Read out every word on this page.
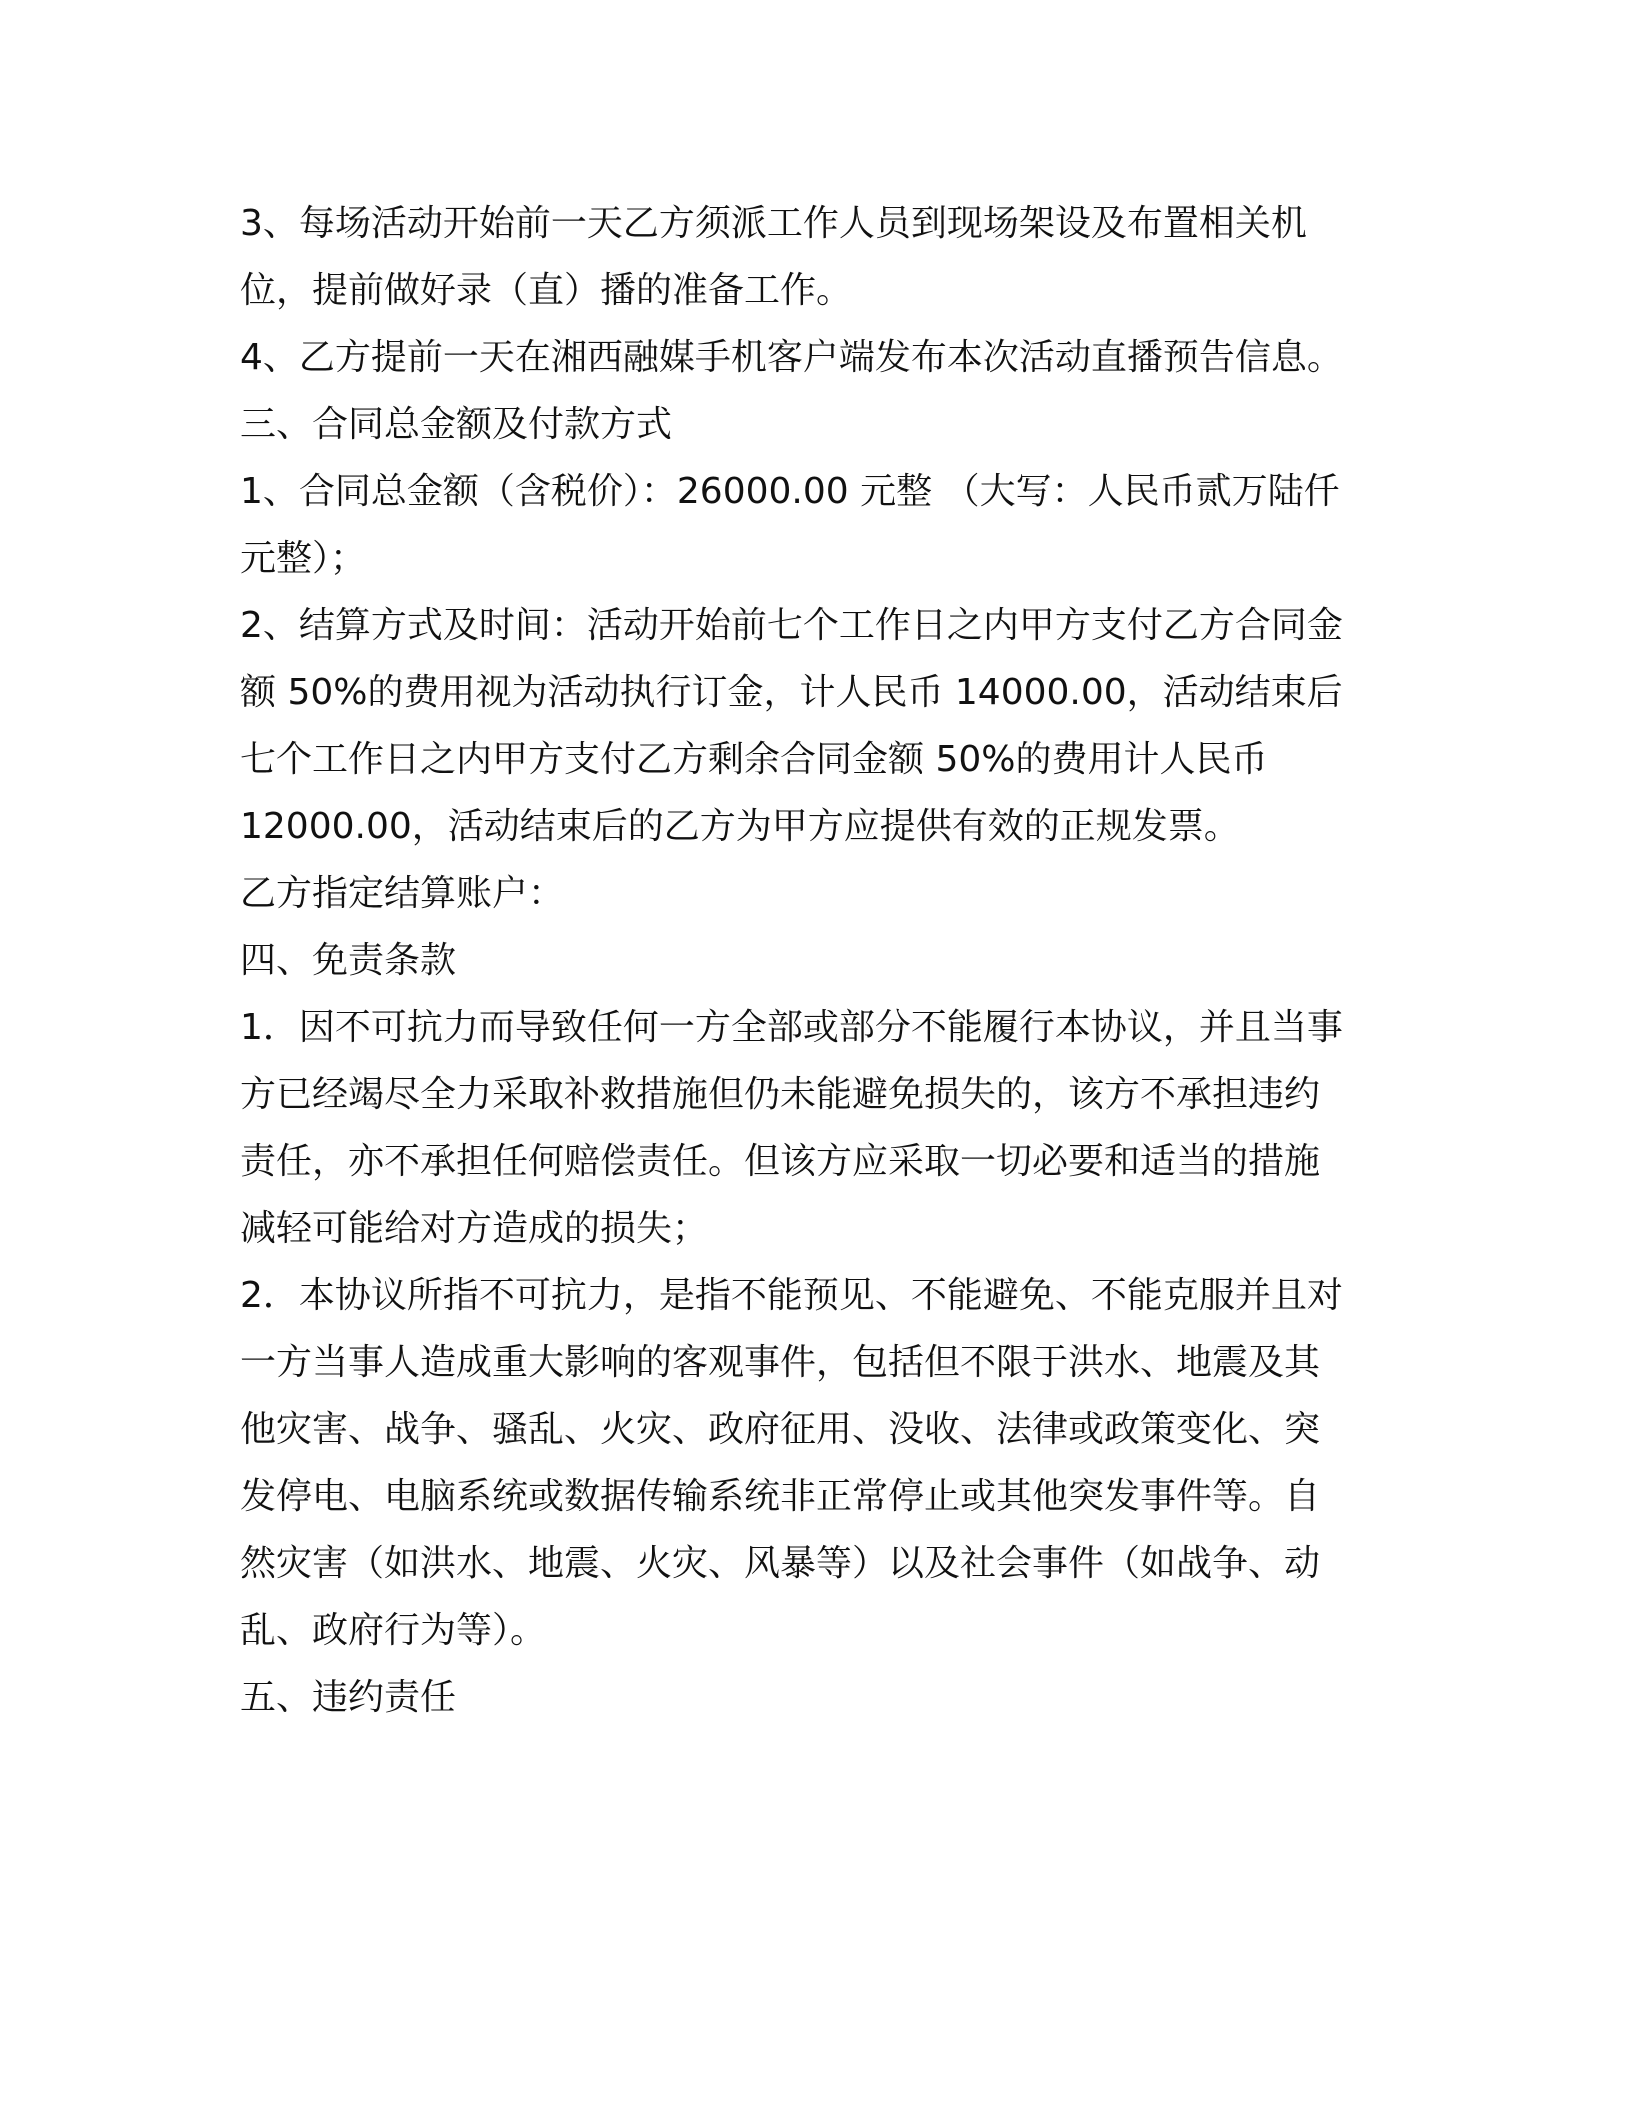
3、每场活动开始前一天乙方须派工作人员到现场架设及布置相关机
位，提前做好录（直）播的准备工作。
4、乙方提前一天在湘西融媒手机客户端发布本次活动直播预告信息。
三、合同总金额及付款方式
1、合同总金额（含税价）：26000.00 元整 （大写：人民币贰万陆仟
元整）；
2、结算方式及时间：活动开始前七个工作日之内甲方支付乙方合同金
额 50%的费用视为活动执行订金，计人民币 14000.00，活动结束后
七个工作日之内甲方支付乙方剩余合同金额 50%的费用计人民币
12000.00，活动结束后的乙方为甲方应提供有效的正规发票。
乙方指定结算账户：
四、免责条款
1．因不可抗力而导致任何一方全部或部分不能履行本协议，并且当事
方已经竭尽全力采取补救措施但仍未能避免损失的，该方不承担违约
责任，亦不承担任何赔偿责任。但该方应采取一切必要和适当的措施
减轻可能给对方造成的损失；
2．本协议所指不可抗力，是指不能预见、不能避免、不能克服并且对
一方当事人造成重大影响的客观事件，包括但不限于洪水、地震及其
他灾害、战争、骚乱、火灾、政府征用、没收、法律或政策变化、突
发停电、电脑系统或数据传输系统非正常停止或其他突发事件等。自
然灾害（如洪水、地震、火灾、风暴等）以及社会事件（如战争、动
乱、政府行为等）。
五、违约责任
